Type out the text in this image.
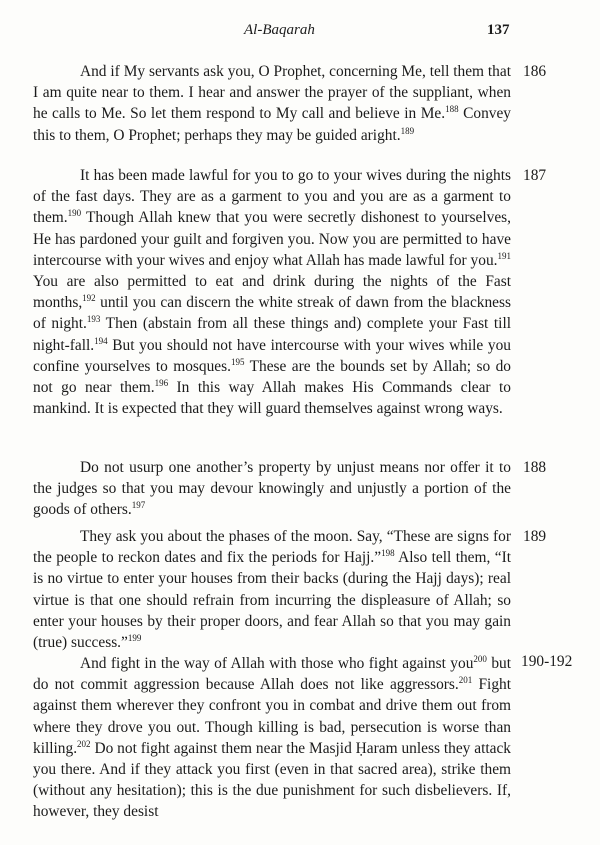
Al-Baqarah	137

And if My servants ask you, O Prophet, concerning Me, tell them that I am quite near to them. I hear and answer the prayer of the suppliant, when he calls to Me. So let them respond to My call and believe in Me.$^{188}$ Convey this to them, O Prophet; perhaps they may be guided aright.$^{189}$

186

It has been made lawful for you to go to your wives during the nights of the fast days. They are as a garment to you and you are as a garment to them.$^{190}$ Though Allah knew that you were secretly dishonest to yourselves, He has pardoned your guilt and forgiven you. Now you are permitted to have intercourse with your wives and enjoy what Allah has made lawful for you.$^{191}$ You are also permitted to eat and drink during the nights of the Fast months,$^{192}$ until you can discern the white streak of dawn from the blackness of night.$^{193}$ Then (abstain from all these things and) complete your Fast till night-fall.$^{194}$ But you should not have intercourse with your wives while you confine yourselves to mosques.$^{195}$ These are the bounds set by Allah; so do not go near them.$^{196}$ In this way Allah makes His Commands clear to mankind. It is expected that they will guard themselves against wrong ways.

187

Do not usurp one another’s property by unjust means nor offer it to the judges so that you may devour knowingly and unjustly a portion of the goods of others.$^{197}$

188

They ask you about the phases of the moon. Say, “These are signs for the people to reckon dates and fix the periods for Hajj.”$^{198}$ Also tell them, “It is no virtue to enter your houses from their backs (during the Hajj days); real virtue is that one should refrain from incurring the displeasure of Allah; so enter your houses by their proper doors, and fear Allah so that you may gain (true) success.”$^{199}$

189

And fight in the way of Allah with those who fight against you$^{200}$ but do not commit aggression because Allah does not like aggressors.$^{201}$ Fight against them wherever they confront you in combat and drive them out from where they drove you out. Though killing is bad, persecution is worse than killing.$^{202}$ Do not fight against them near the Masjid Ḥaram unless they attack you there. And if they attack you first (even in that sacred area), strike them (without any hesitation); this is the due punishment for such disbelievers. If, however, they desist

190-192
